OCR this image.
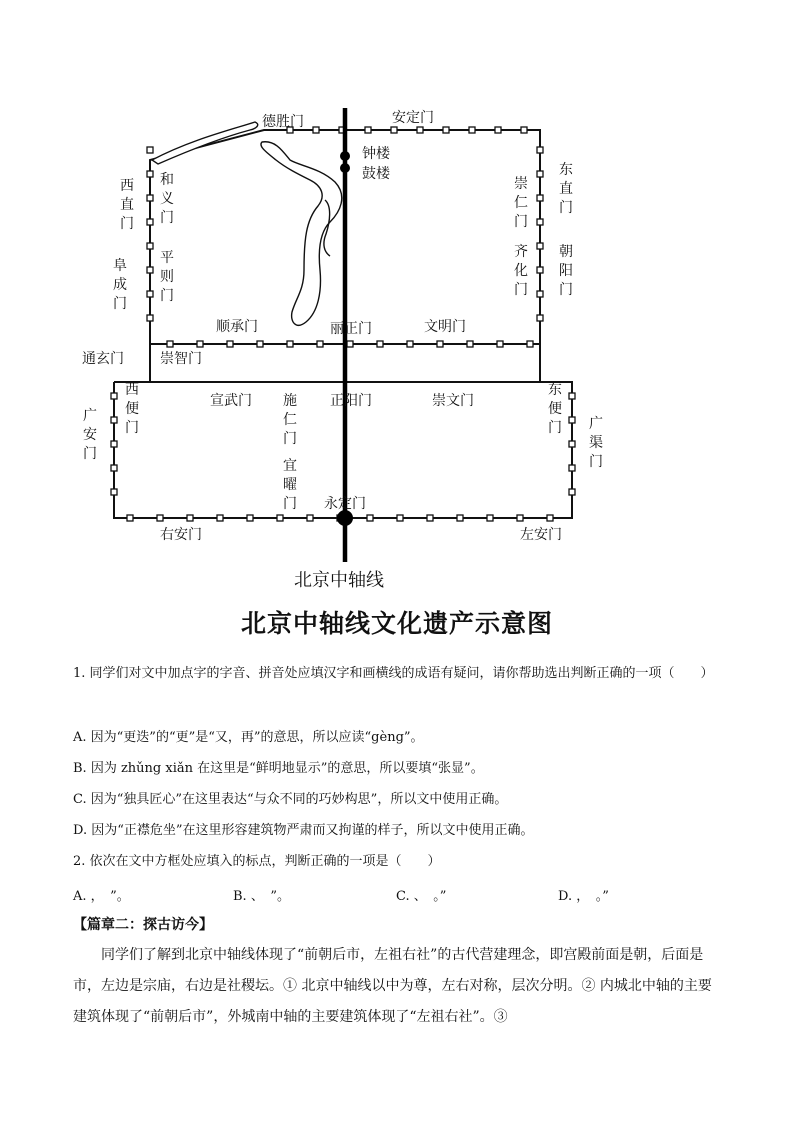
德胜门	安定门
钟楼
鼓楼
顺承门	丽正门	文明门
通玄门	崇智门
宣武门	正阳门	崇文门
永定门
右安门	左安门
北京中轴线
西直门
和义门
平则门
阜成门
东直门
崇仁门
齐化门
朝阳门
西便门
广安门
施仁门
宜曜门
东便门 广渠门
北京中轴线文化遗产示意图
1. 同学们对文中加点字的字音、拼音处应填汉字和画横线的成语有疑问，请你帮助选出判断正确的一项（　　）
A. 因为“更迭”的“更”是“又，再”的意思，所以应读“gèng”。
B. 因为 zhǔng xiǎn 在这里是“鲜明地显示”的意思，所以要填“张显”。
C. 因为“独具匠心”在这里表达“与众不同的巧妙构思”，所以文中使用正确。
D. 因为“正襟危坐”在这里形容建筑物严肃而又拘谨的样子，所以文中使用正确。
2. 依次在文中方框处应填入的标点，判断正确的一项是（　　）
A. ，　”。	B. 、　”。	C. 、　。”	D. ，　。”
【篇章二：探古访今】
同学们了解到北京中轴线体现了“前朝后市，左祖右社”的古代营建理念，即宫殿前面是朝，后面是
市，左边是宗庙，右边是社稷坛。① 北京中轴线以中为尊，左右对称，层次分明。② 内城北中轴的主要
建筑体现了“前朝后市”，外城南中轴的主要建筑体现了“左祖右社”。③
